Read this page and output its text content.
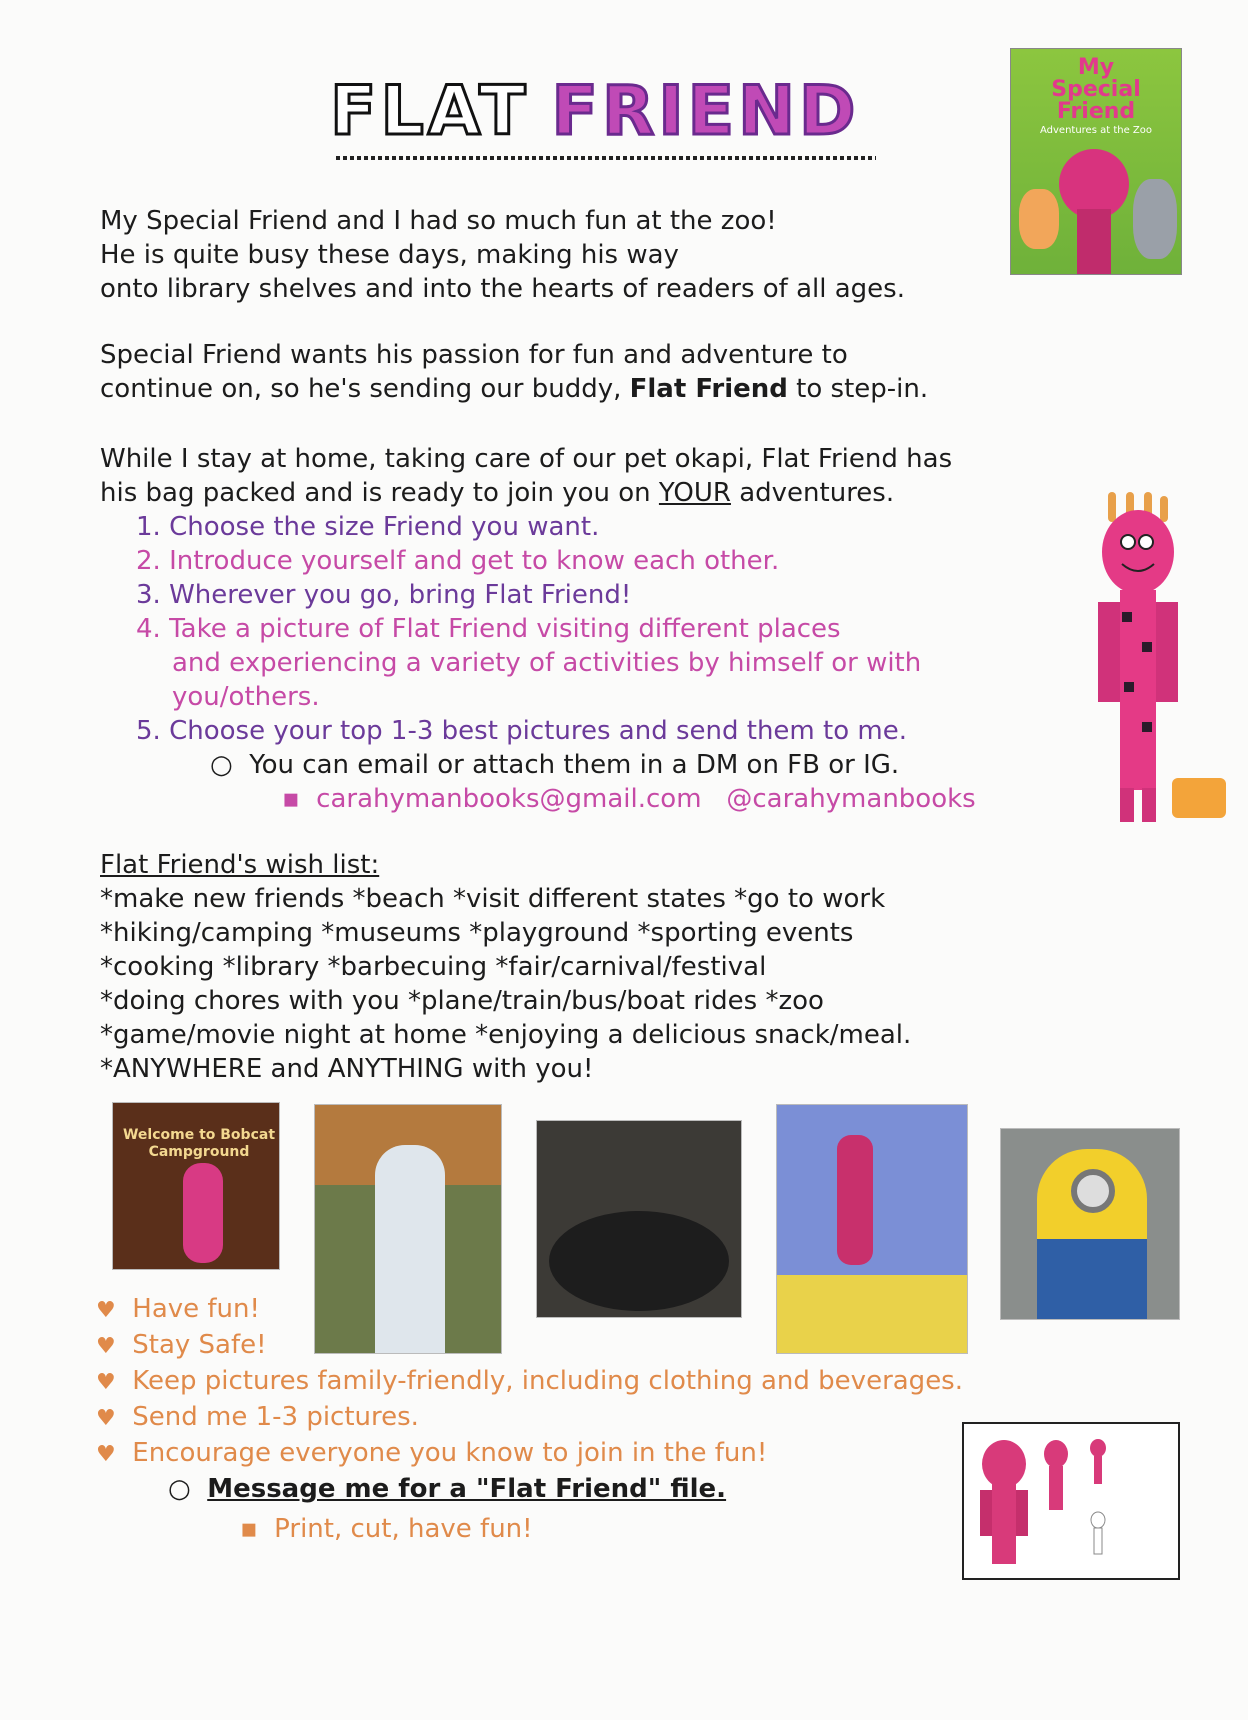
FLAT FRIEND
My
Special
Friend
Adventures at the Zoo
My Special Friend and I had so much fun at the zoo!
He is quite busy these days, making his way
onto library shelves and into the hearts of readers of all ages.
Special Friend wants his passion for fun and adventure to
continue on, so he's sending our buddy, Flat Friend to step-in.
While I stay at home, taking care of our pet okapi, Flat Friend has
his bag packed and is ready to join you on YOUR adventures.
1. Choose the size Friend you want.
2. Introduce yourself and get to know each other.
3. Wherever you go, bring Flat Friend!
4. Take a picture of Flat Friend visiting different places
and experiencing a variety of activities by himself or with
you/others.
5. Choose your top 1-3 best pictures and send them to me.
○  You can email or attach them in a DM on FB or IG.
▪  carahymanbooks@gmail.com @carahymanbooks
Flat Friend's wish list:
*make new friends *beach *visit different states *go to work
*hiking/camping *museums *playground *sporting events
*cooking *library *barbecuing *fair/carnival/festival
*doing chores with you *plane/train/bus/boat rides *zoo
*game/movie night at home *enjoying a delicious snack/meal.
*ANYWHERE and ANYTHING with you!
Welcome to Bobcat Campground
♥ Have fun!
♥ Stay Safe!
♥ Keep pictures family-friendly, including clothing and beverages.
♥ Send me 1-3 pictures.
♥ Encourage everyone you know to join in the fun!
○  Message me for a "Flat Friend" file.
▪  Print, cut, have fun!
